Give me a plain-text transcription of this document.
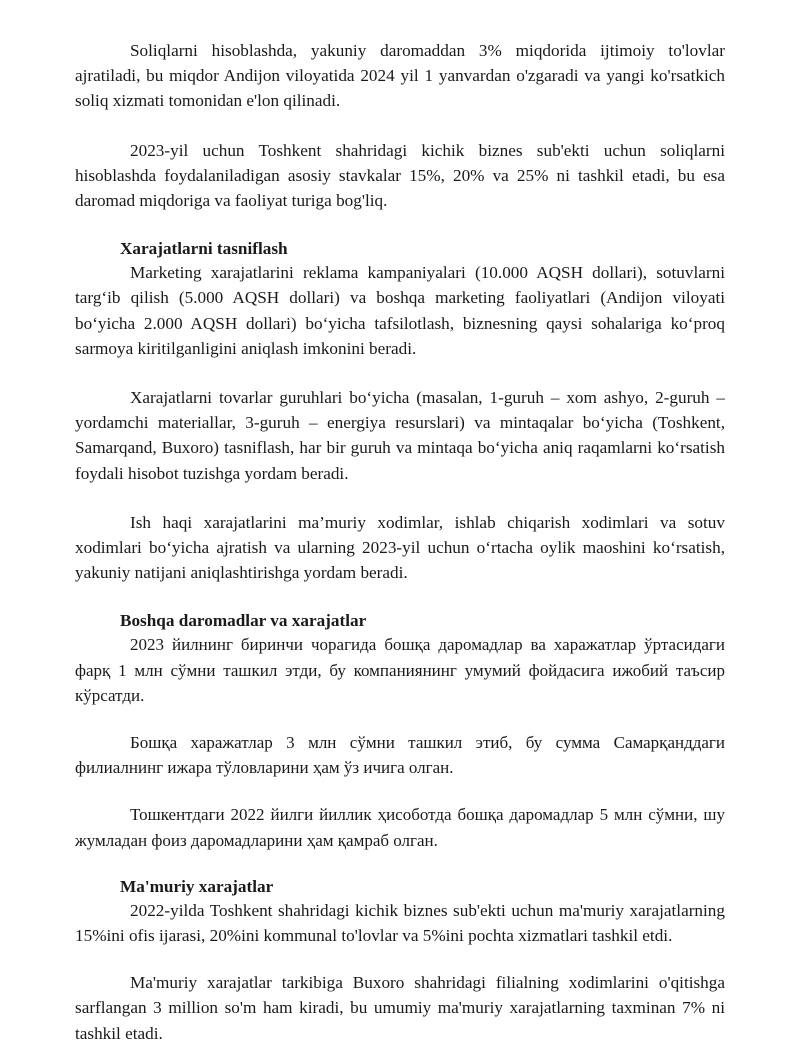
Soliqlarni hisoblashda, yakuniy daromaddan 3% miqdorida ijtimoiy to'lovlar ajratiladi, bu miqdor Andijon viloyatida 2024 yil 1 yanvardan o'zgaradi va yangi ko'rsatkich soliq xizmati tomonidan e'lon qilinadi.

2023-yil uchun Toshkent shahridagi kichik biznes sub'ekti uchun soliqlarni hisoblashda foydalaniladigan asosiy stavkalar 15%, 20% va 25% ni tashkil etadi, bu esa daromad miqdoriga va faoliyat turiga bog'liq.

Xarajatlarni tasniflash

Marketing xarajatlarini reklama kampaniyalari (10.000 AQSH dollari), sotuvlarni targ‘ib qilish (5.000 AQSH dollari) va boshqa marketing faoliyatlari (Andijon viloyati bo‘yicha 2.000 AQSH dollari) bo‘yicha tafsilotlash, biznesning qaysi sohalariga ko‘proq sarmoya kiritilganligini aniqlash imkonini beradi.

Xarajatlarni tovarlar guruhlari bo‘yicha (masalan, 1-guruh – xom ashyo, 2-guruh – yordamchi materiallar, 3-guruh – energiya resurslari) va mintaqalar bo‘yicha (Toshkent, Samarqand, Buxoro) tasniflash, har bir guruh va mintaqa bo‘yicha aniq raqamlarni ko‘rsatish foydali hisobot tuzishga yordam beradi.

Ish haqi xarajatlarini ma’muriy xodimlar, ishlab chiqarish xodimlari va sotuv xodimlari bo‘yicha ajratish va ularning 2023-yil uchun o‘rtacha oylik maoshini ko‘rsatish, yakuniy natijani aniqlashtirishga yordam beradi.

Boshqa daromadlar va xarajatlar

2023 йилнинг биринчи чорагида бошқа даромадлар ва харажатлар ўртасидаги фарқ 1 млн сўмни ташкил этди, бу компаниянинг умумий фойдасига ижобий таъсир кўрсатди.

Бошқа харажатлар 3 млн сўмни ташкил этиб, бу сумма Самарқанддаги филиалнинг ижара тўловларини ҳам ўз ичига олган.

Тошкентдаги 2022 йилги йиллик ҳисоботда бошқа даромадлар 5 млн сўмни, шу жумладан фоиз даромадларини ҳам қамраб олган.

Ma'muriy xarajatlar

2022-yilda Toshkent shahridagi kichik biznes sub'ekti uchun ma'muriy xarajatlarning 15%ini ofis ijarasi, 20%ini kommunal to'lovlar va 5%ini pochta xizmatlari tashkil etdi.

Ma'muriy xarajatlar tarkibiga Buxoro shahridagi filialning xodimlarini o'qitishga sarflangan 3 million so'm ham kiradi, bu umumiy ma'muriy xarajatlarning taxminan 7% ni tashkil etadi.
